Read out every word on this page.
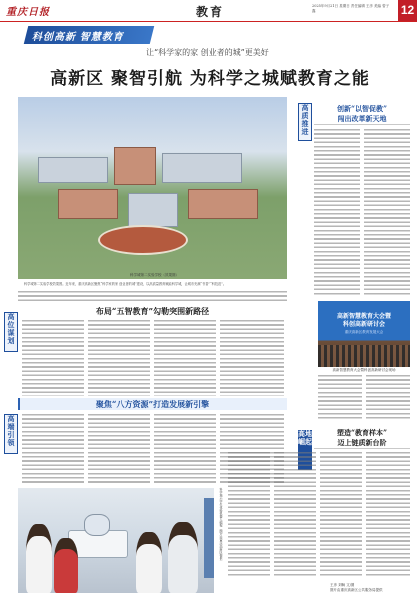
重庆日报	教育	2025年9月21日 星期日 责任编辑 王彦 美编 曾子鑫	12
科创高新 智慧教育
让“科学家的家 创业者的城”更美好
高新区 聚智引航 为科学之城赋教育之能
科学城第二实验学校（效果图）

科学城第二实验学校效果图。近年来，重庆高新区聚焦“科学家的家 创业者的城”建设，以高质量教育赋能科学城，让城市充满“书香”“科技范”。

高质推进
创新“以智促教”
闯出改革新天地
高新智慧教育大会暨
科创高新研讨会
重庆高新区教育发展大会
高新智慧教育大会暨科创高新研讨会现场
高位谋划
布局“五智教育”勾勒突围新路径
聚焦“八方资源”打造发展新引擎
高端引领
高地崛起
塑造“教育样本”
迈上链质新台阶
科学城小学生体验机器人编程（图片由重庆高新区提供）
王彦 刘畅 文/图
图片由重庆高新区公共服务局提供
